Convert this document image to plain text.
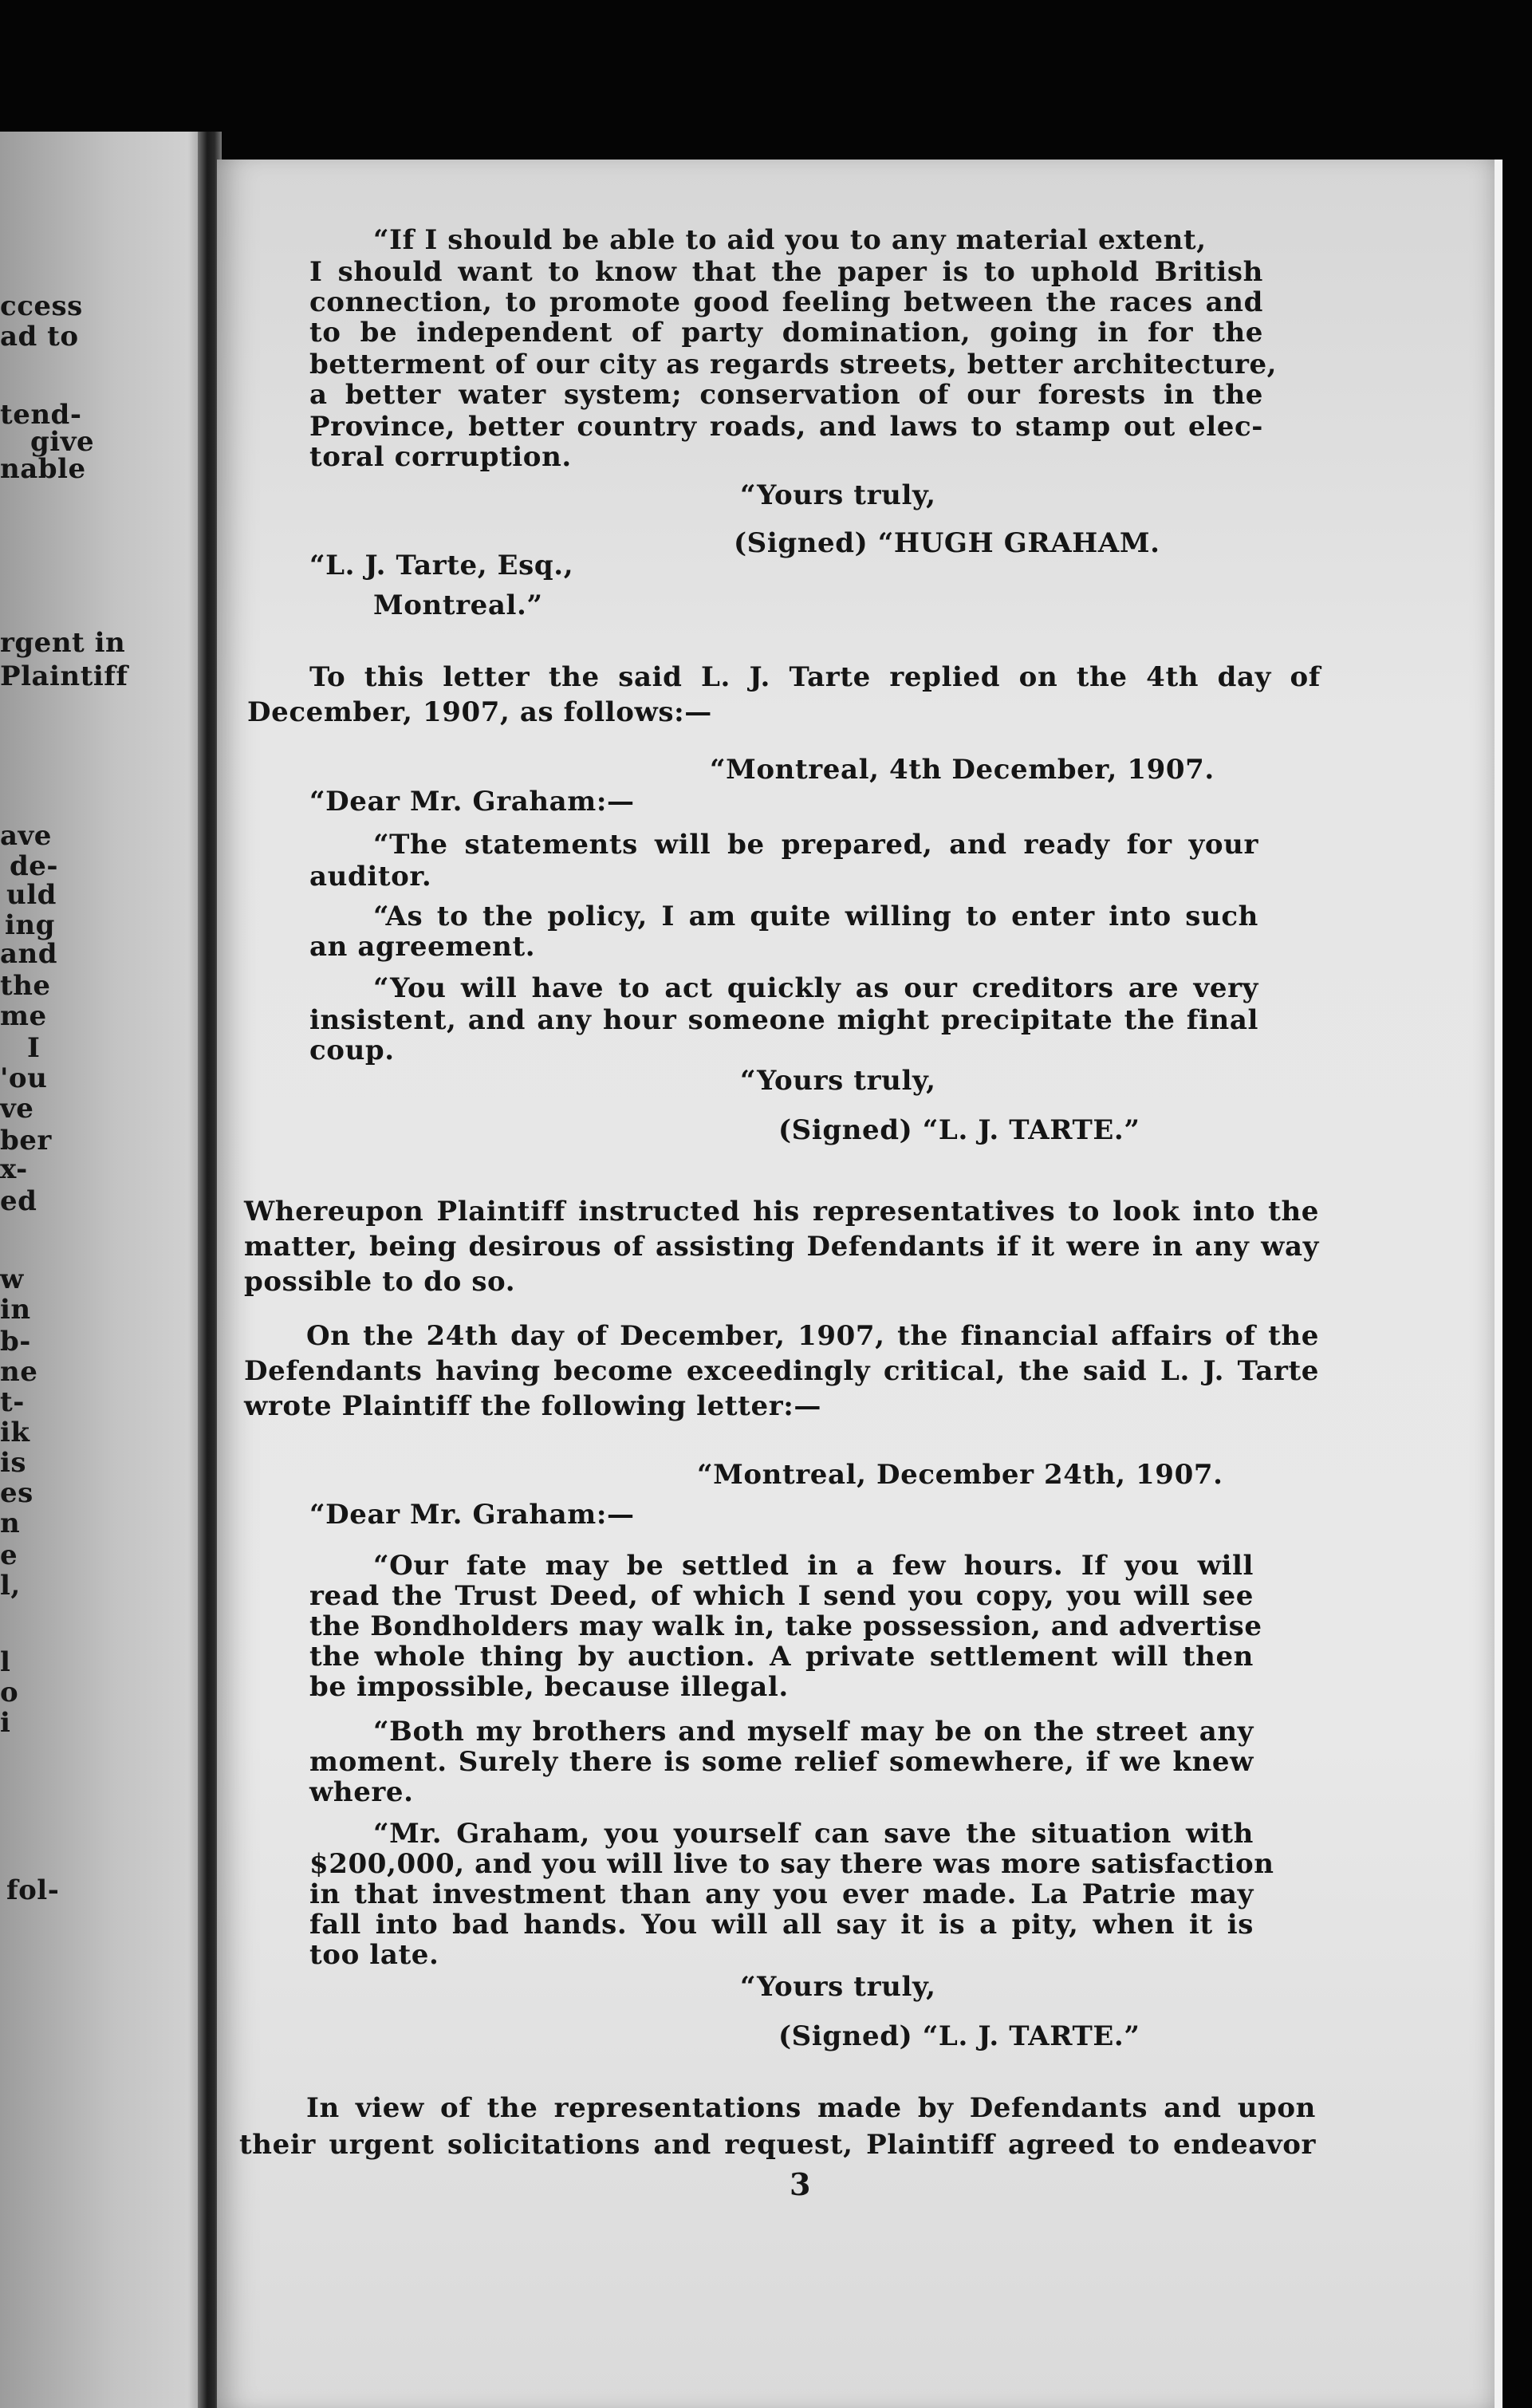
ccess
ad to
tend-
give
nable
rgent in
Plaintiff
ave
de-
uld
ing
and
the
me
I
'ou
ve
ber
x-
ed
w
in
b-
ne
t-
ik
is
es
n
e
l,
l
o
i
fol-
“If I should be able to aid you to any material extent,
I should want to know that the paper is to uphold British
connection, to promote good feeling between the races and
to be independent of party domination, going in for the
betterment of our city as regards streets, better architecture,
a better water system; conservation of our forests in the
Province, better country roads, and laws to stamp out elec-
toral corruption.
“Yours truly,
(Signed) “HUGH GRAHAM.
“L. J. Tarte, Esq.,
Montreal.”
To this letter the said L. J. Tarte replied on the 4th day of
December, 1907, as follows:—
“Montreal, 4th December, 1907.
“Dear Mr. Graham:—
“The statements will be prepared, and ready for your
auditor.
“As to the policy, I am quite willing to enter into such
an agreement.
“You will have to act quickly as our creditors are very
insistent, and any hour someone might precipitate the final
coup.
“Yours truly,
(Signed) “L. J. TARTE.”
Whereupon Plaintiff instructed his representatives to look into the
matter, being desirous of assisting Defendants if it were in any way
possible to do so.
On the 24th day of December, 1907, the financial affairs of the
Defendants having become exceedingly critical, the said L. J. Tarte
wrote Plaintiff the following letter:—
“Montreal, December 24th, 1907.
“Dear Mr. Graham:—
“Our fate may be settled in a few hours. If you will
read the Trust Deed, of which I send you copy, you will see
the Bondholders may walk in, take possession, and advertise
the whole thing by auction. A private settlement will then
be impossible, because illegal.
“Both my brothers and myself may be on the street any
moment. Surely there is some relief somewhere, if we knew
where.
“Mr. Graham, you yourself can save the situation with
$200,000, and you will live to say there was more satisfaction
in that investment than any you ever made. La Patrie may
fall into bad hands. You will all say it is a pity, when it is
too late.
“Yours truly,
(Signed) “L. J. TARTE.”
In view of the representations made by Defendants and upon
their urgent solicitations and request, Plaintiff agreed to endeavor
3
